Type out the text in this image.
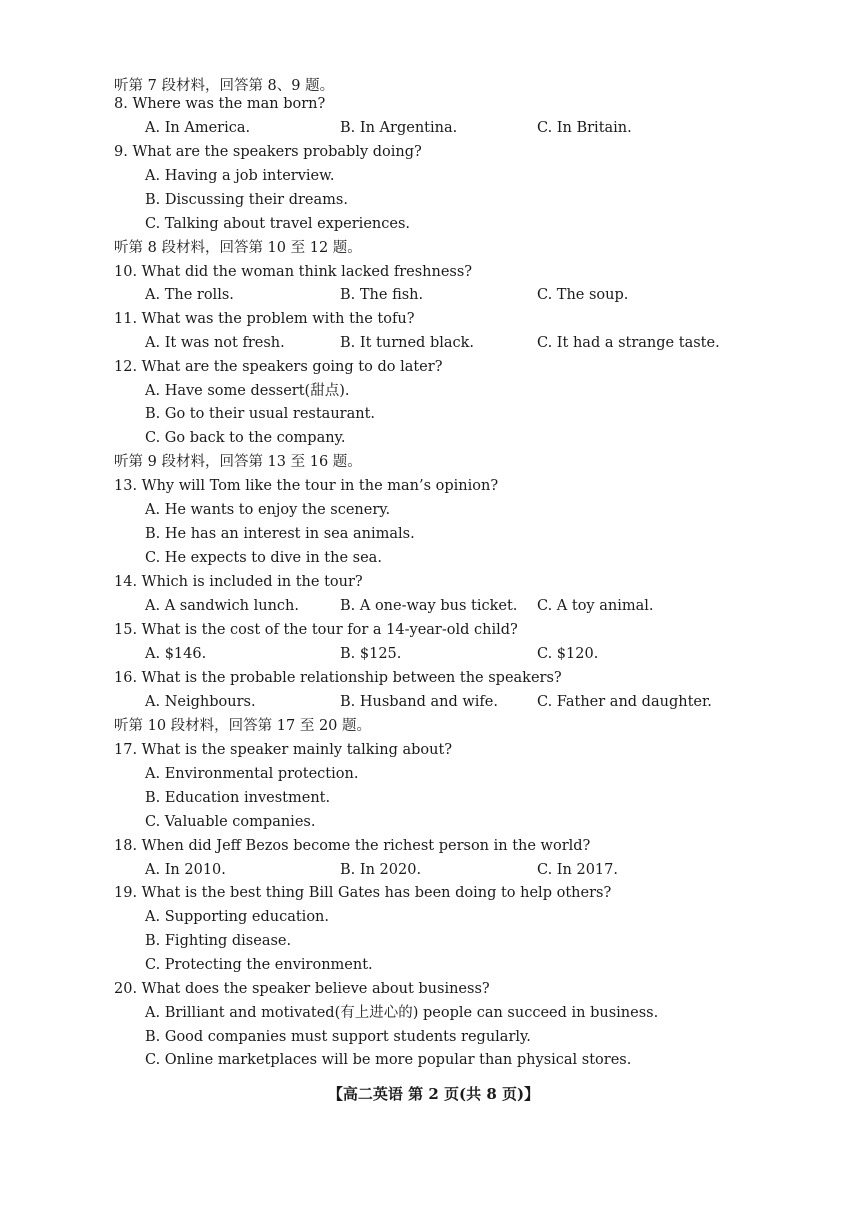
听第 7 段材料，回答第 8、9 题。
8. Where was the man born?
A. In America.	B. In Argentina.	C. In Britain.
9. What are the speakers probably doing?
A. Having a job interview.
B. Discussing their dreams.
C. Talking about travel experiences.
听第 8 段材料，回答第 10 至 12 题。
10. What did the woman think lacked freshness?
A. The rolls.	B. The fish.	C. The soup.
11. What was the problem with the tofu?
A. It was not fresh.	B. It turned black.	C. It had a strange taste.
12. What are the speakers going to do later?
A. Have some dessert(甜点).
B. Go to their usual restaurant.
C. Go back to the company.
听第 9 段材料，回答第 13 至 16 题。
13. Why will Tom like the tour in the man’s opinion?
A. He wants to enjoy the scenery.
B. He has an interest in sea animals.
C. He expects to dive in the sea.
14. Which is included in the tour?
A. A sandwich lunch.	B. A one-way bus ticket. C. A toy animal.
15. What is the cost of the tour for a 14-year-old child?
A. $146.	B. $125.	C. $120.
16. What is the probable relationship between the speakers?
A. Neighbours.	B. Husband and wife.	C. Father and daughter.
听第 10 段材料，回答第 17 至 20 题。
17. What is the speaker mainly talking about?
A. Environmental protection.
B. Education investment.
C. Valuable companies.
18. When did Jeff Bezos become the richest person in the world?
A. In 2010.	B. In 2020.	C. In 2017.
19. What is the best thing Bill Gates has been doing to help others?
A. Supporting education.
B. Fighting disease.
C. Protecting the environment.
20. What does the speaker believe about business?
A. Brilliant and motivated(有上进心的) people can succeed in business.
B. Good companies must support students regularly.
C. Online marketplaces will be more popular than physical stores.
【高二英语 第 2 页(共 8 页)】
